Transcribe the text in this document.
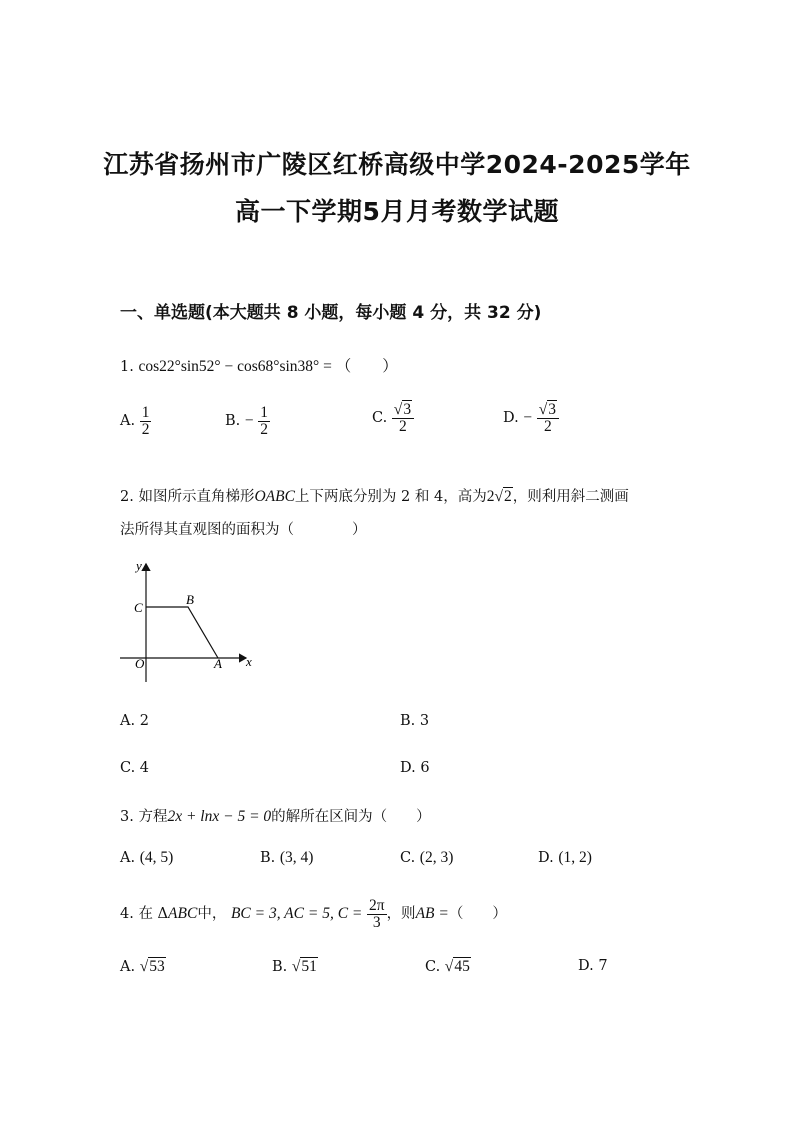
江苏省扬州市广陵区红桥高级中学2024-2025学年
高一下学期5月月考数学试题
一、单选题(本大题共 8 小题，每小题 4 分，共 32 分)
1. cos22°sin52° − cos68°sin38° = （　　）
A. $\frac{1}{2}$	B. − $\frac{1}{2}$	C. $\frac{√3}{2}$	D. − $\frac{√3}{2}$
2. 如图所示直角梯形OABC上下两底分别为 2 和 4，高为2√2，则利用斜二测画
法所得其直观图的面积为（　　　　）
y
x
C
B
O	A
A. 2	B. 3
C. 4	D. 6
3. 方程2x + lnx − 5 = 0的解所在区间为（　　）
A. (4, 5)	B. (3, 4)	C. (2, 3)	D. (1, 2)
4. 在 ΔABC中， BC = 3, AC = 5, $C = \frac{2\pi}{3}$ ，则AB =（　　）
A. √53	B. √51	C. √45	D. 7
